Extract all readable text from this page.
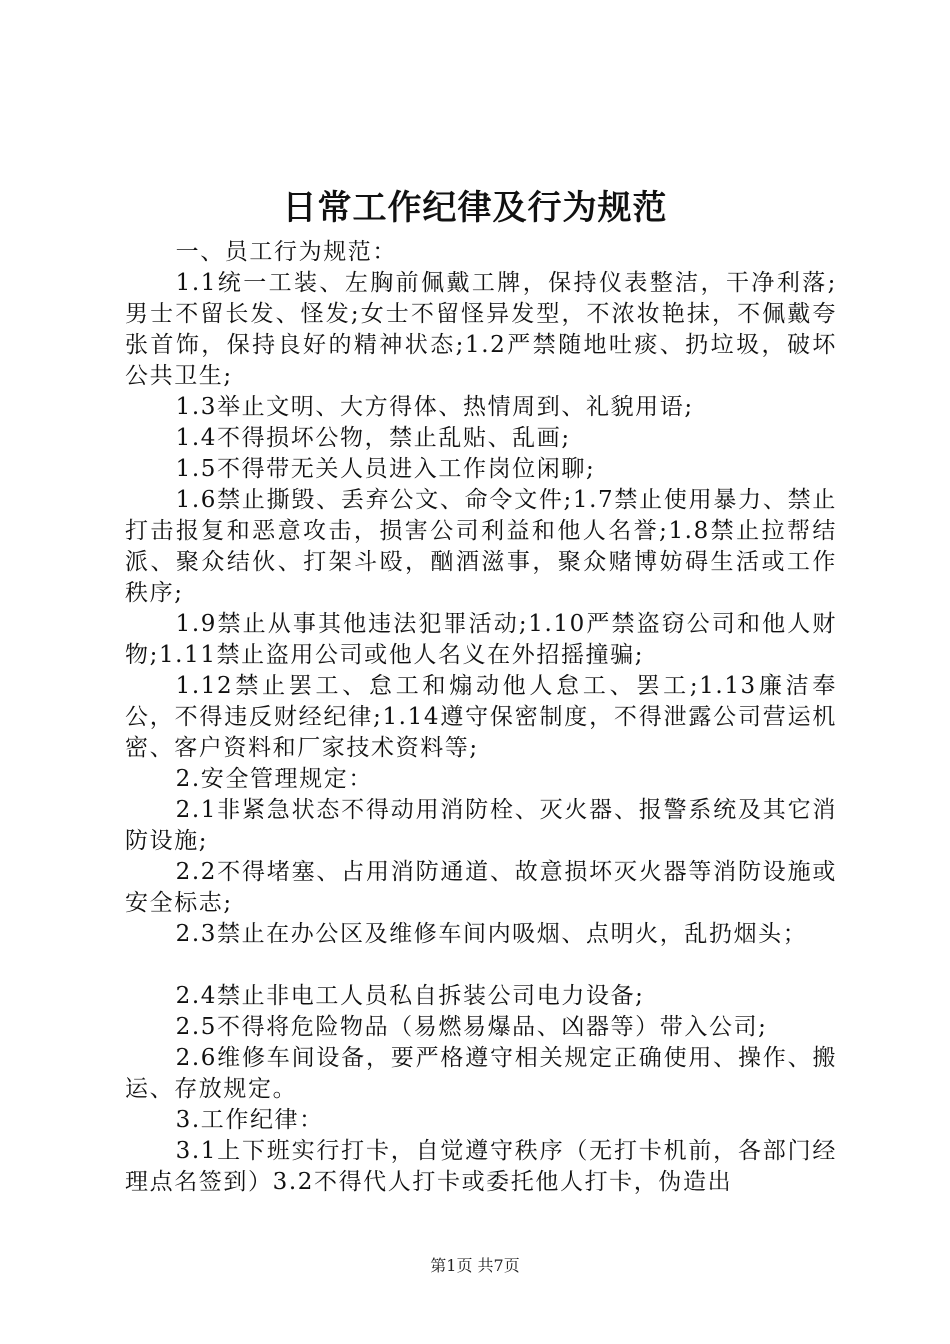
日常工作纪律及行为规范

一、员工行为规范：

1.1统一工装、左胸前佩戴工牌，保持仪表整洁，干净利落;男士不留长发、怪发;女士不留怪异发型，不浓妆艳抹，不佩戴夸张首饰，保持良好的精神状态;1.2严禁随地吐痰、扔垃圾，破坏公共卫生;

1.3举止文明、大方得体、热情周到、礼貌用语;

1.4不得损坏公物，禁止乱贴、乱画;

1.5不得带无关人员进入工作岗位闲聊;

1.6禁止撕毁、丢弃公文、命令文件;1.7禁止使用暴力、禁止打击报复和恶意攻击，损害公司利益和他人名誉;1.8禁止拉帮结派、聚众结伙、打架斗殴，酗酒滋事，聚众赌博妨碍生活或工作秩序;

1.9禁止从事其他违法犯罪活动;1.10严禁盗窃公司和他人财物;1.11禁止盗用公司或他人名义在外招摇撞骗;

1.12禁止罢工、怠工和煽动他人怠工、罢工;1.13廉洁奉公，不得违反财经纪律;1.14遵守保密制度，不得泄露公司营运机密、客户资料和厂家技术资料等;

2.安全管理规定：

2.1非紧急状态不得动用消防栓、灭火器、报警系统及其它消防设施;

2.2不得堵塞、占用消防通道、故意损坏灭火器等消防设施或安全标志;

2.3禁止在办公区及维修车间内吸烟、点明火，乱扔烟头；

2.4禁止非电工人员私自拆装公司电力设备;

2.5不得将危险物品（易燃易爆品、凶器等）带入公司;

2.6维修车间设备，要严格遵守相关规定正确使用、操作、搬运、存放规定。

3.工作纪律：

3.1上下班实行打卡，自觉遵守秩序（无打卡机前，各部门经理点名签到）3.2不得代人打卡或委托他人打卡，伪造出

第1页 共7页
